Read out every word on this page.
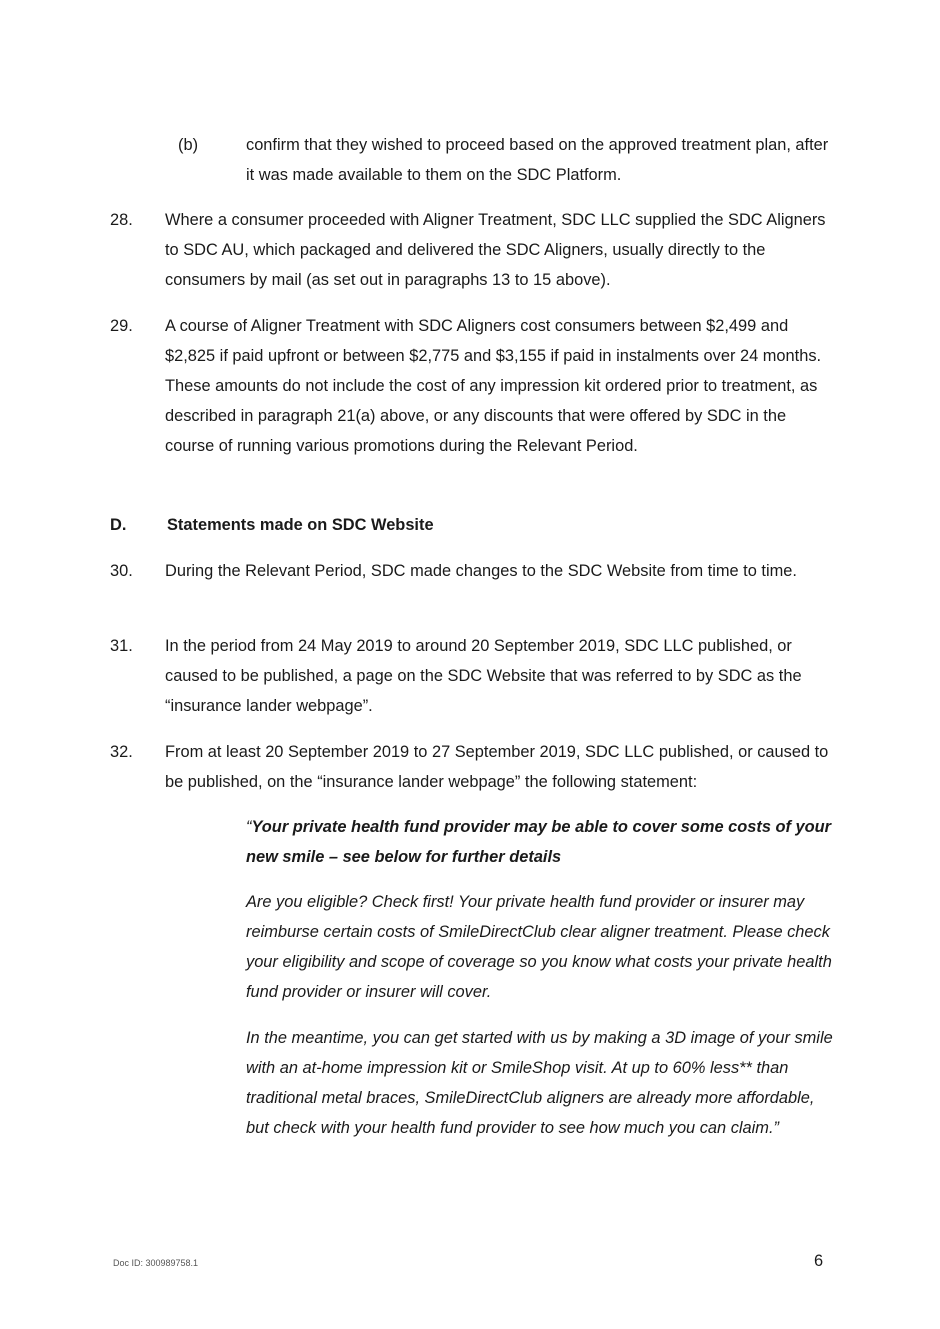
(b)	confirm that they wished to proceed based on the approved treatment plan, after it was made available to them on the SDC Platform.
28. Where a consumer proceeded with Aligner Treatment, SDC LLC supplied the SDC Aligners to SDC AU, which packaged and delivered the SDC Aligners, usually directly to the consumers by mail (as set out in paragraphs 13 to 15 above).
29. A course of Aligner Treatment with SDC Aligners cost consumers between $2,499 and $2,825 if paid upfront or between $2,775 and $3,155 if paid in instalments over 24 months. These amounts do not include the cost of any impression kit ordered prior to treatment, as described in paragraph 21(a) above, or any discounts that were offered by SDC in the course of running various promotions during the Relevant Period.
D. Statements made on SDC Website
30. During the Relevant Period, SDC made changes to the SDC Website from time to time.
31. In the period from 24 May 2019 to around 20 September 2019, SDC LLC published, or caused to be published, a page on the SDC Website that was referred to by SDC as the “insurance lander webpage”.
32. From at least 20 September 2019 to 27 September 2019, SDC LLC published, or caused to be published, on the “insurance lander webpage” the following statement:

“Your private health fund provider may be able to cover some costs of your new smile – see below for further details

Are you eligible? Check first! Your private health fund provider or insurer may reimburse certain costs of SmileDirectClub clear aligner treatment. Please check your eligibility and scope of coverage so you know what costs your private health fund provider or insurer will cover.

In the meantime, you can get started with us by making a 3D image of your smile with an at-home impression kit or SmileShop visit. At up to 60% less** than traditional metal braces, SmileDirectClub aligners are already more affordable, but check with your health fund provider to see how much you can claim.”

Doc ID: 300989758.1	6
